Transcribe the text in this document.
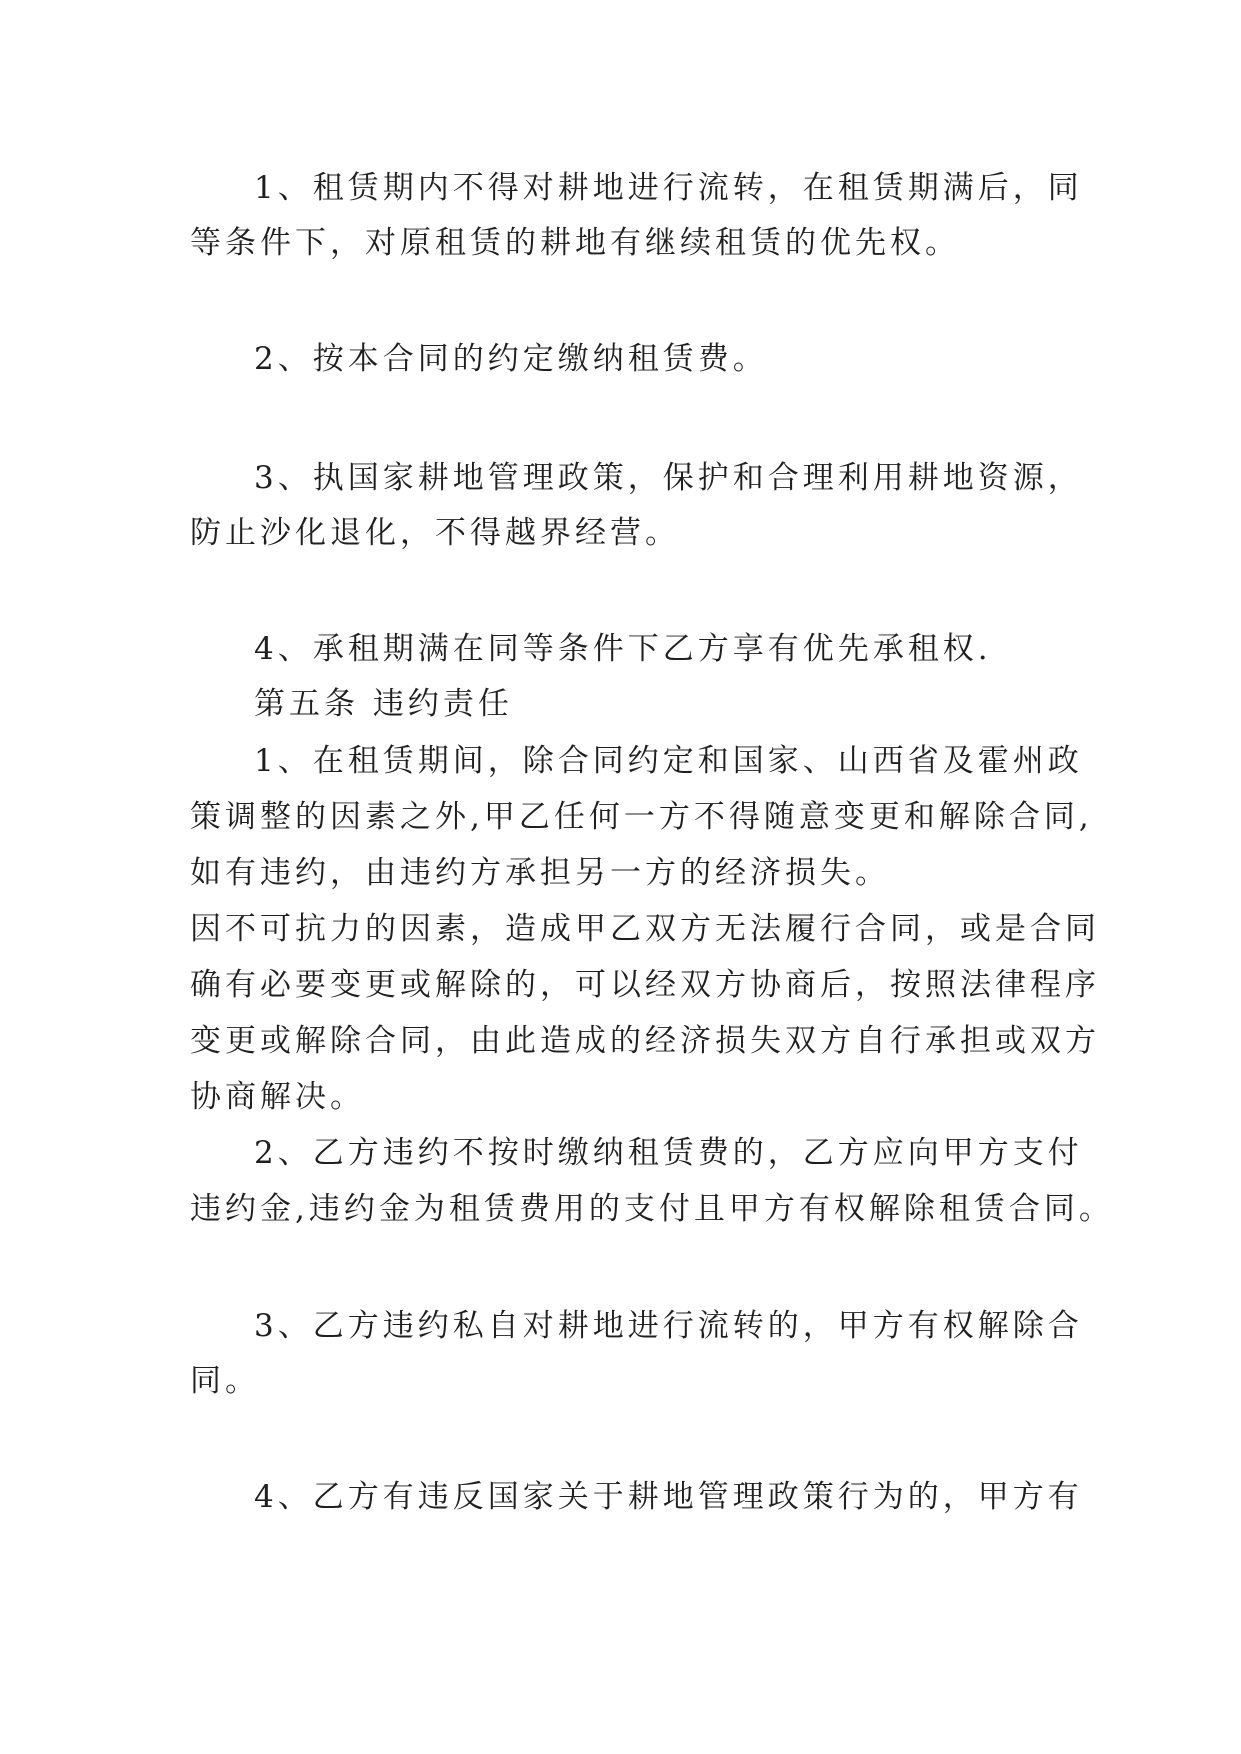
1、租赁期内不得对耕地进行流转，在租赁期满后，同

等条件下，对原租赁的耕地有继续租赁的优先权。

2、按本合同的约定缴纳租赁费。

3、执国家耕地管理政策，保护和合理利用耕地资源，

防止沙化退化，不得越界经营。

4、承租期满在同等条件下乙方享有优先承租权.

第五条 违约责任

1、在租赁期间，除合同约定和国家、山西省及霍州政

策调整的因素之外,甲乙任何一方不得随意变更和解除合同,

如有违约，由违约方承担另一方的经济损失。

因不可抗力的因素，造成甲乙双方无法履行合同，或是合同

确有必要变更或解除的，可以经双方协商后，按照法律程序

变更或解除合同，由此造成的经济损失双方自行承担或双方

协商解决。

2、乙方违约不按时缴纳租赁费的，乙方应向甲方支付

违约金,违约金为租赁费用的支付且甲方有权解除租赁合同。

3、乙方违约私自对耕地进行流转的，甲方有权解除合

同。

4、乙方有违反国家关于耕地管理政策行为的，甲方有
